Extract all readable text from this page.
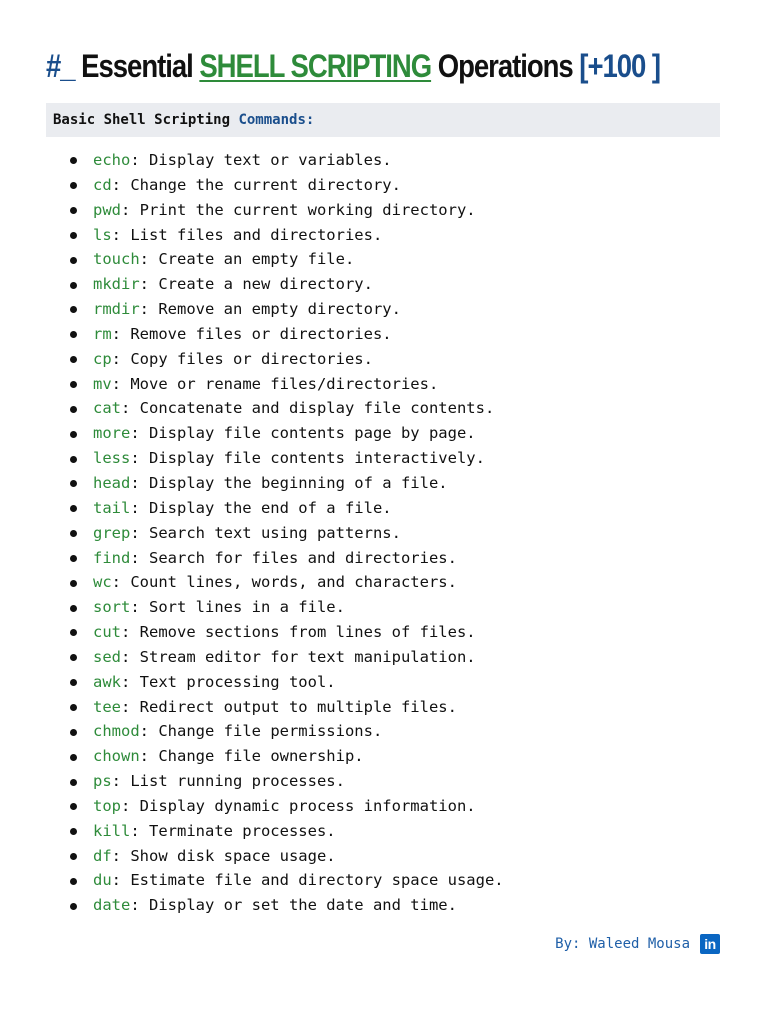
#_ Essential SHELL SCRIPTING Operations [+100 ]
Basic Shell Scripting Commands:
echo: Display text or variables.
cd: Change the current directory.
pwd: Print the current working directory.
ls: List files and directories.
touch: Create an empty file.
mkdir: Create a new directory.
rmdir: Remove an empty directory.
rm: Remove files or directories.
cp: Copy files or directories.
mv: Move or rename files/directories.
cat: Concatenate and display file contents.
more: Display file contents page by page.
less: Display file contents interactively.
head: Display the beginning of a file.
tail: Display the end of a file.
grep: Search text using patterns.
find: Search for files and directories.
wc: Count lines, words, and characters.
sort: Sort lines in a file.
cut: Remove sections from lines of files.
sed: Stream editor for text manipulation.
awk: Text processing tool.
tee: Redirect output to multiple files.
chmod: Change file permissions.
chown: Change file ownership.
ps: List running processes.
top: Display dynamic process information.
kill: Terminate processes.
df: Show disk space usage.
du: Estimate file and directory space usage.
date: Display or set the date and time.
By: Waleed Mousa	in
